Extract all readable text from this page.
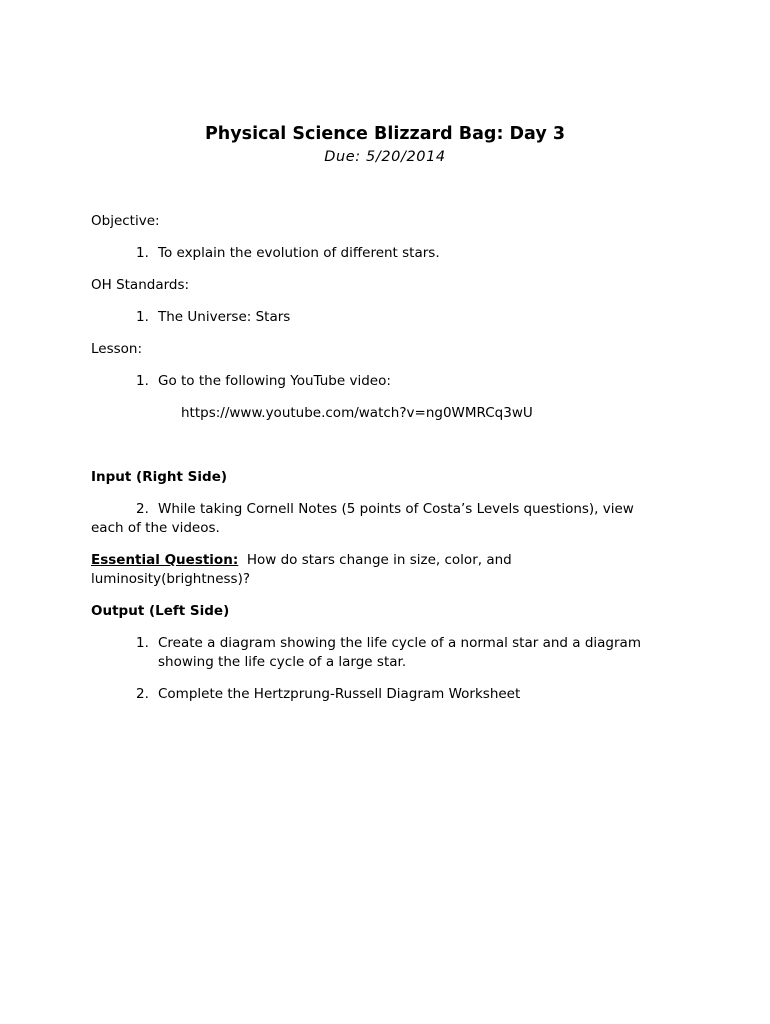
Physical Science Blizzard Bag: Day 3
Due: 5/20/2014
Objective:
1. To explain the evolution of different stars.
OH Standards:
1. The Universe: Stars
Lesson:
1. Go to the following YouTube video:
https://www.youtube.com/watch?v=ng0WMRCq3wU
Input (Right Side)
2. While taking Cornell Notes (5 points of Costa’s Levels questions), view
each of the videos.
Essential Question: How do stars change in size, color, and
luminosity(brightness)?
Output (Left Side)
1. Create a diagram showing the life cycle of a normal star and a diagram
showing the life cycle of a large star.
2. Complete the Hertzprung-Russell Diagram Worksheet
